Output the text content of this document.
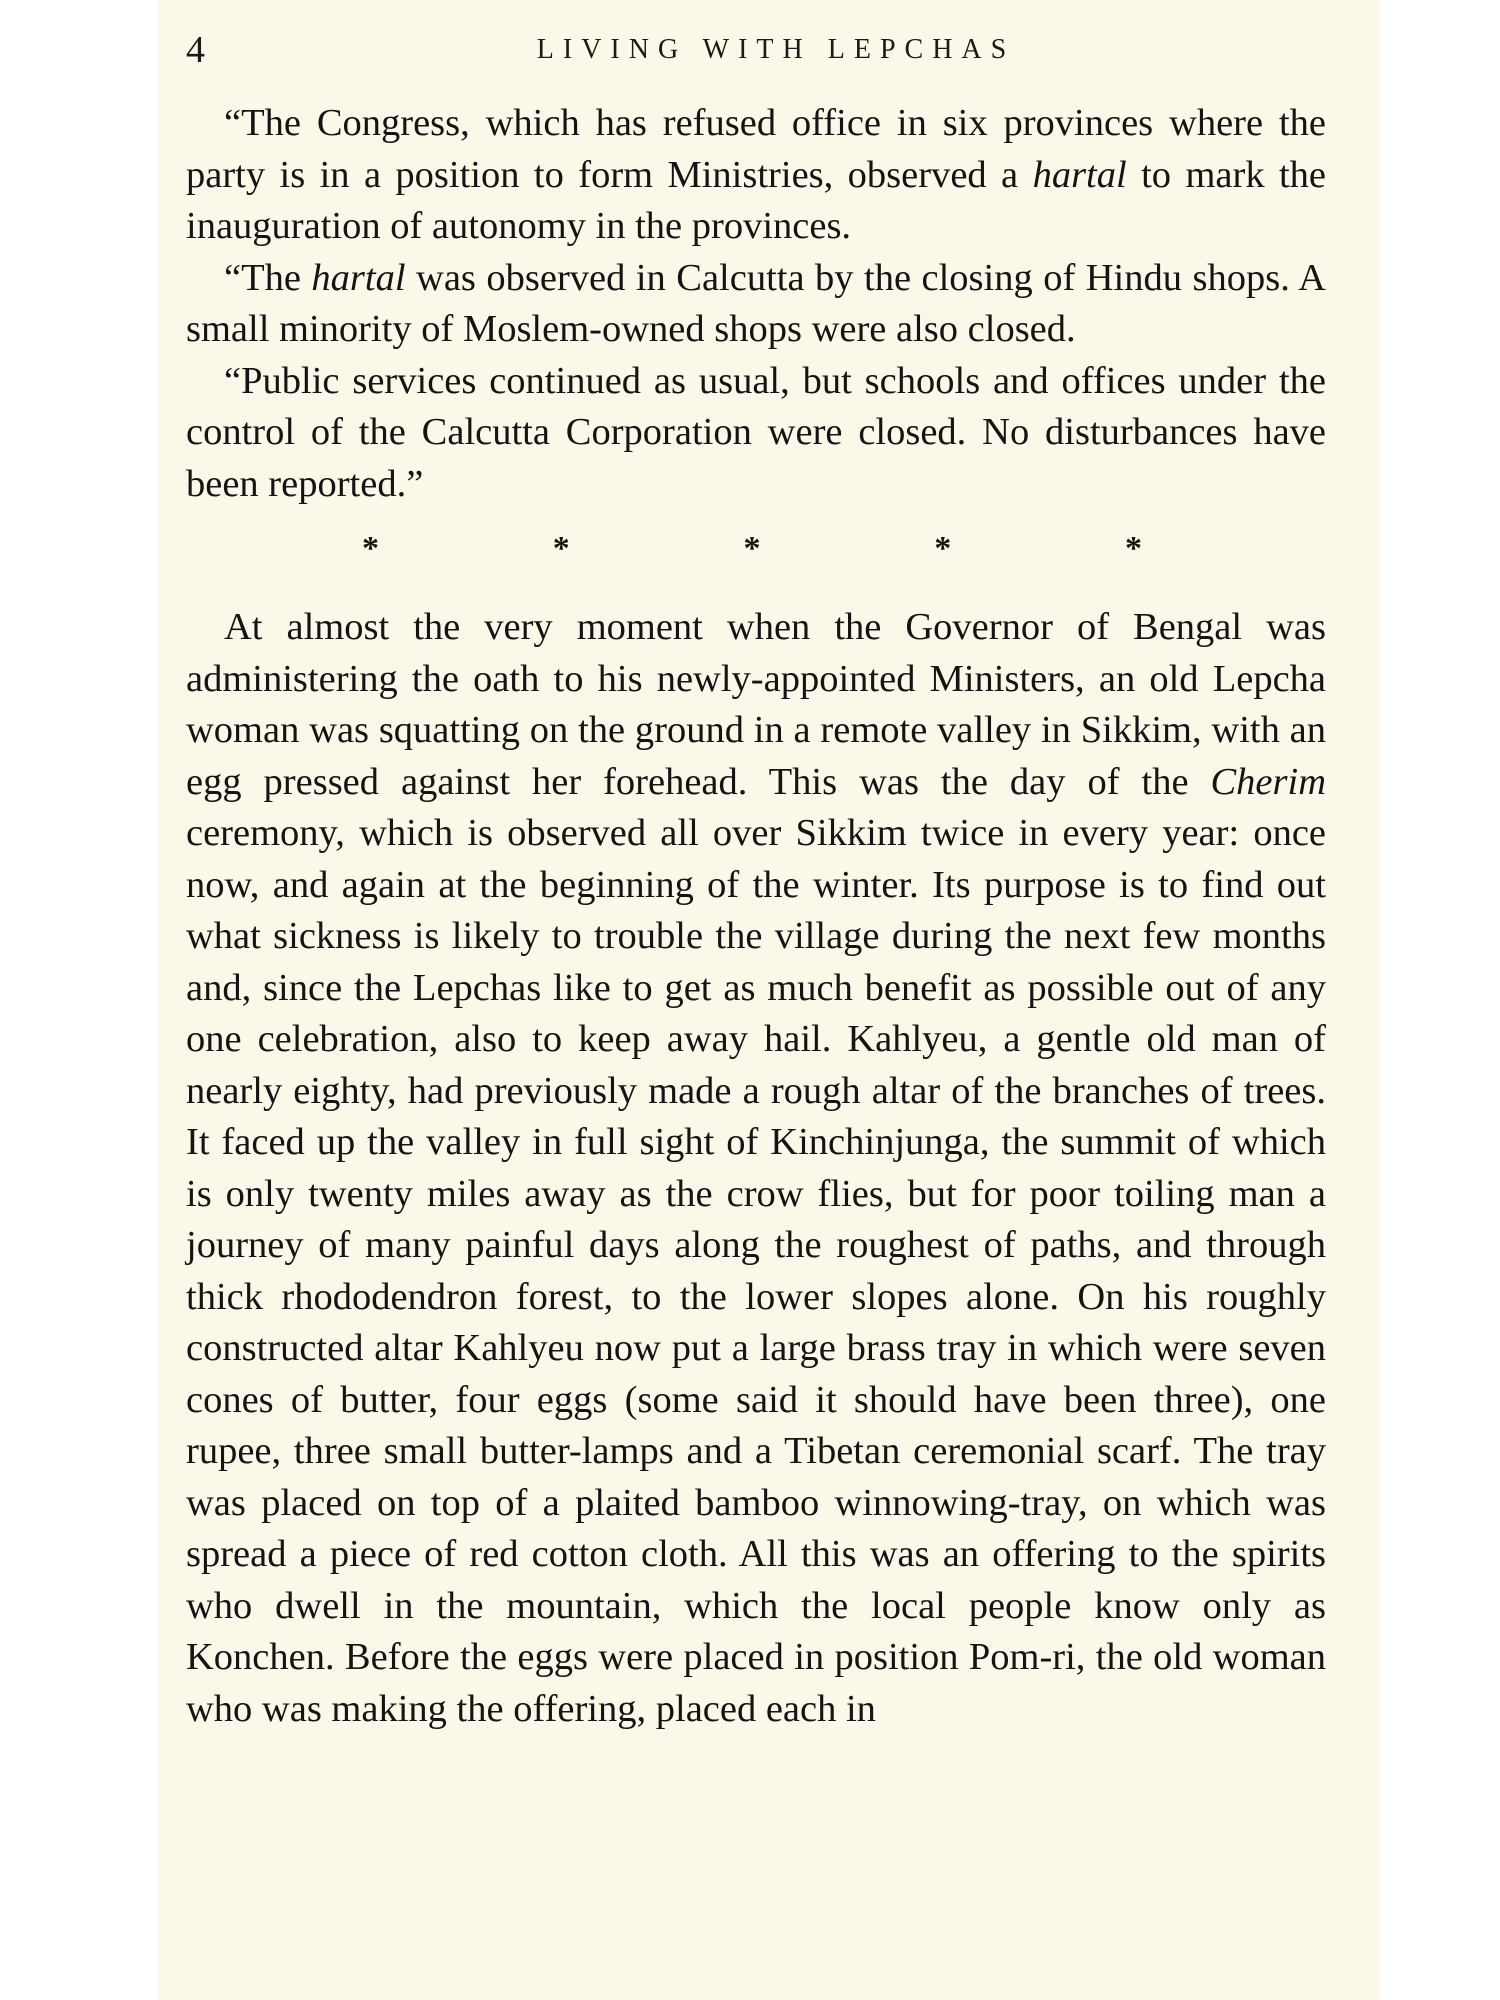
4	LIVING WITH LEPCHAS

“The Congress, which has refused office in six provinces where the party is in a position to form Ministries, observed a hartal to mark the inauguration of autonomy in the provinces.

“The hartal was observed in Calcutta by the closing of Hindu shops. A small minority of Moslem-owned shops were also closed.

“Public services continued as usual, but schools and offices under the control of the Calcutta Corporation were closed. No disturbances have been reported.”

*	*	*	*	*

At almost the very moment when the Governor of Bengal was administering the oath to his newly-appointed Ministers, an old Lepcha woman was squatting on the ground in a remote valley in Sikkim, with an egg pressed against her forehead. This was the day of the Cherim ceremony, which is observed all over Sikkim twice in every year: once now, and again at the beginning of the winter. Its purpose is to find out what sickness is likely to trouble the village during the next few months and, since the Lepchas like to get as much benefit as possible out of any one celebration, also to keep away hail. Kahlyeu, a gentle old man of nearly eighty, had previously made a rough altar of the branches of trees. It faced up the valley in full sight of Kinchinjunga, the summit of which is only twenty miles away as the crow flies, but for poor toiling man a journey of many painful days along the roughest of paths, and through thick rhododendron forest, to the lower slopes alone. On his roughly constructed altar Kahlyeu now put a large brass tray in which were seven cones of butter, four eggs (some said it should have been three), one rupee, three small butter-lamps and a Tibetan ceremonial scarf. The tray was placed on top of a plaited bamboo winnowing-tray, on which was spread a piece of red cotton cloth. All this was an offering to the spirits who dwell in the mountain, which the local people know only as Konchen. Before the eggs were placed in position Pom-ri, the old woman who was making the offering, placed each in
